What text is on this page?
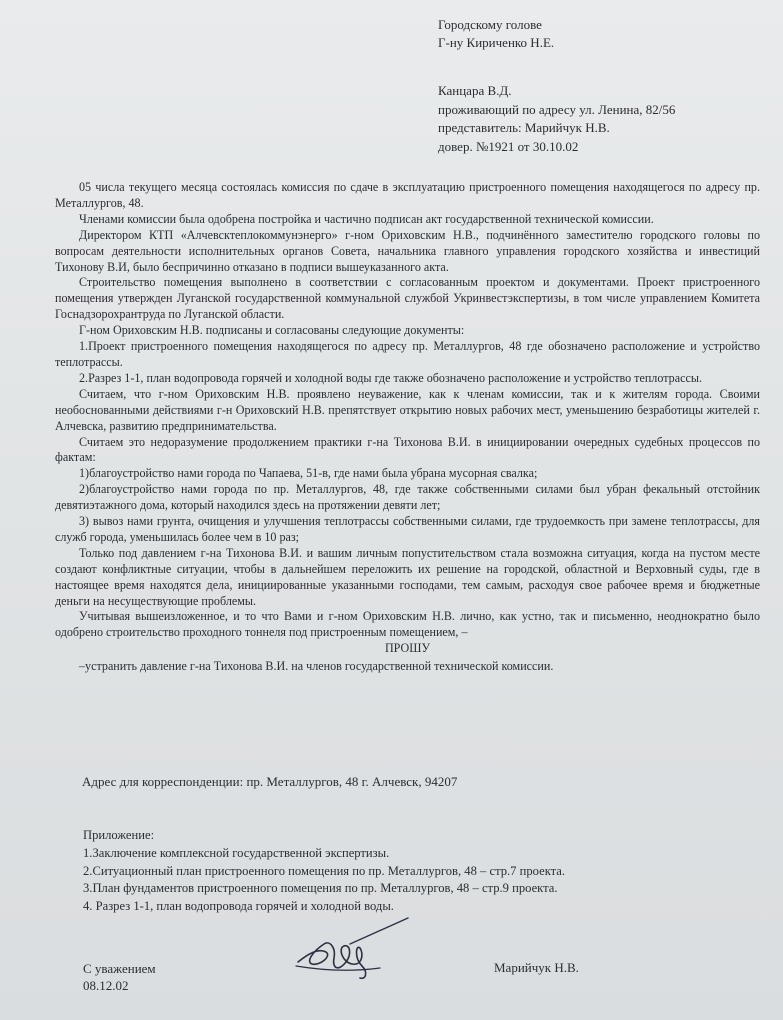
Городскому голове
Г-ну Кириченко Н.Е.
Канцара В.Д.
проживающий по адресу ул. Ленина, 82/56
представитель: Марийчук Н.В.
довер. №1921 от 30.10.02

05 числа текущего месяца состоялась комиссия по сдаче в эксплуатацию пристроенного помещения находящегося по адресу пр. Металлургов, 48.

Членами комиссии была одобрена постройка и частично подписан акт государственной технической комиссии.

Директором КТП «Алчевсктеплокоммунэнерго» г-ном Ориховским Н.В., подчинённого заместителю городского головы по вопросам деятельности исполнительных органов Совета, начальника главного управления городского хозяйства и инвестиций Тихонову В.И, было беспричинно отказано в подписи вышеуказанного акта.

Строительство помещения выполнено в соответствии с согласованным проектом и документами. Проект пристроенного помещения утвержден Луганской государственной коммунальной службой Укринвестэкспертизы, в том числе управлением Комитета Госнадзорохрантруда по Луганской области.

Г-ном Ориховским Н.В. подписаны и согласованы следующие документы:

1.Проект пристроенного помещения находящегося по адресу пр. Металлургов, 48 где обозначено расположение и устройство теплотрассы.

2.Разрез 1-1, план водопровода горячей и холодной воды где также обозначено расположение и устройство теплотрассы.

Считаем, что г-ном Ориховским Н.В. проявлено неуважение, как к членам комиссии, так и к жителям города. Своими необоснованными действиями г-н Ориховский Н.В. препятствует открытию новых рабочих мест, уменьшению безработицы жителей г. Алчевска, развитию предпринимательства.

Считаем это недоразумение продолжением практики г-на Тихонова В.И. в инициировании очередных судебных процессов по фактам:

1)благоустройство нами города по Чапаева, 51-в, где нами была убрана мусорная свалка;

2)благоустройство нами города по пр. Металлургов, 48, где также собственными силами был убран фекальный отстойник девятиэтажного дома, который находился здесь на протяжении девяти лет;

3) вывоз нами грунта, очищения и улучшения теплотрассы собственными силами, где трудоемкость при замене теплотрассы, для служб города, уменьшилась более чем в 10 раз;

Только под давлением г-на Тихонова В.И. и вашим личным попустительством стала возможна ситуация, когда на пустом месте создают конфликтные ситуации, чтобы в дальнейшем переложить их решение на городской, областной и Верховный суды, где в настоящее время находятся дела, инициированные указанными господами, тем самым, расходуя свое рабочее время и бюджетные деньги на несуществующие проблемы.

Учитывая вышеизложенное, и то что Вами и г-ном Ориховским Н.В. лично, как устно, так и письменно, неоднократно было одобрено строительство проходного тоннеля под пристроенным помещением, –

ПРОШУ

–устранить давление г-на Тихонова В.И. на членов государственной технической комиссии.

Адрес для корреспонденции: пр. Металлургов, 48 г. Алчевск, 94207
Приложение:
1.Заключение комплексной государственной экспертизы.
2.Ситуационный план пристроенного помещения по пр. Металлургов, 48 – стр.7 проекта.
3.План фундаментов пристроенного помещения по пр. Металлургов, 48 – стр.9 проекта.
4. Разрез 1-1, план водопровода горячей и холодной воды.
С уважением
08.12.02
Марийчук Н.В.
